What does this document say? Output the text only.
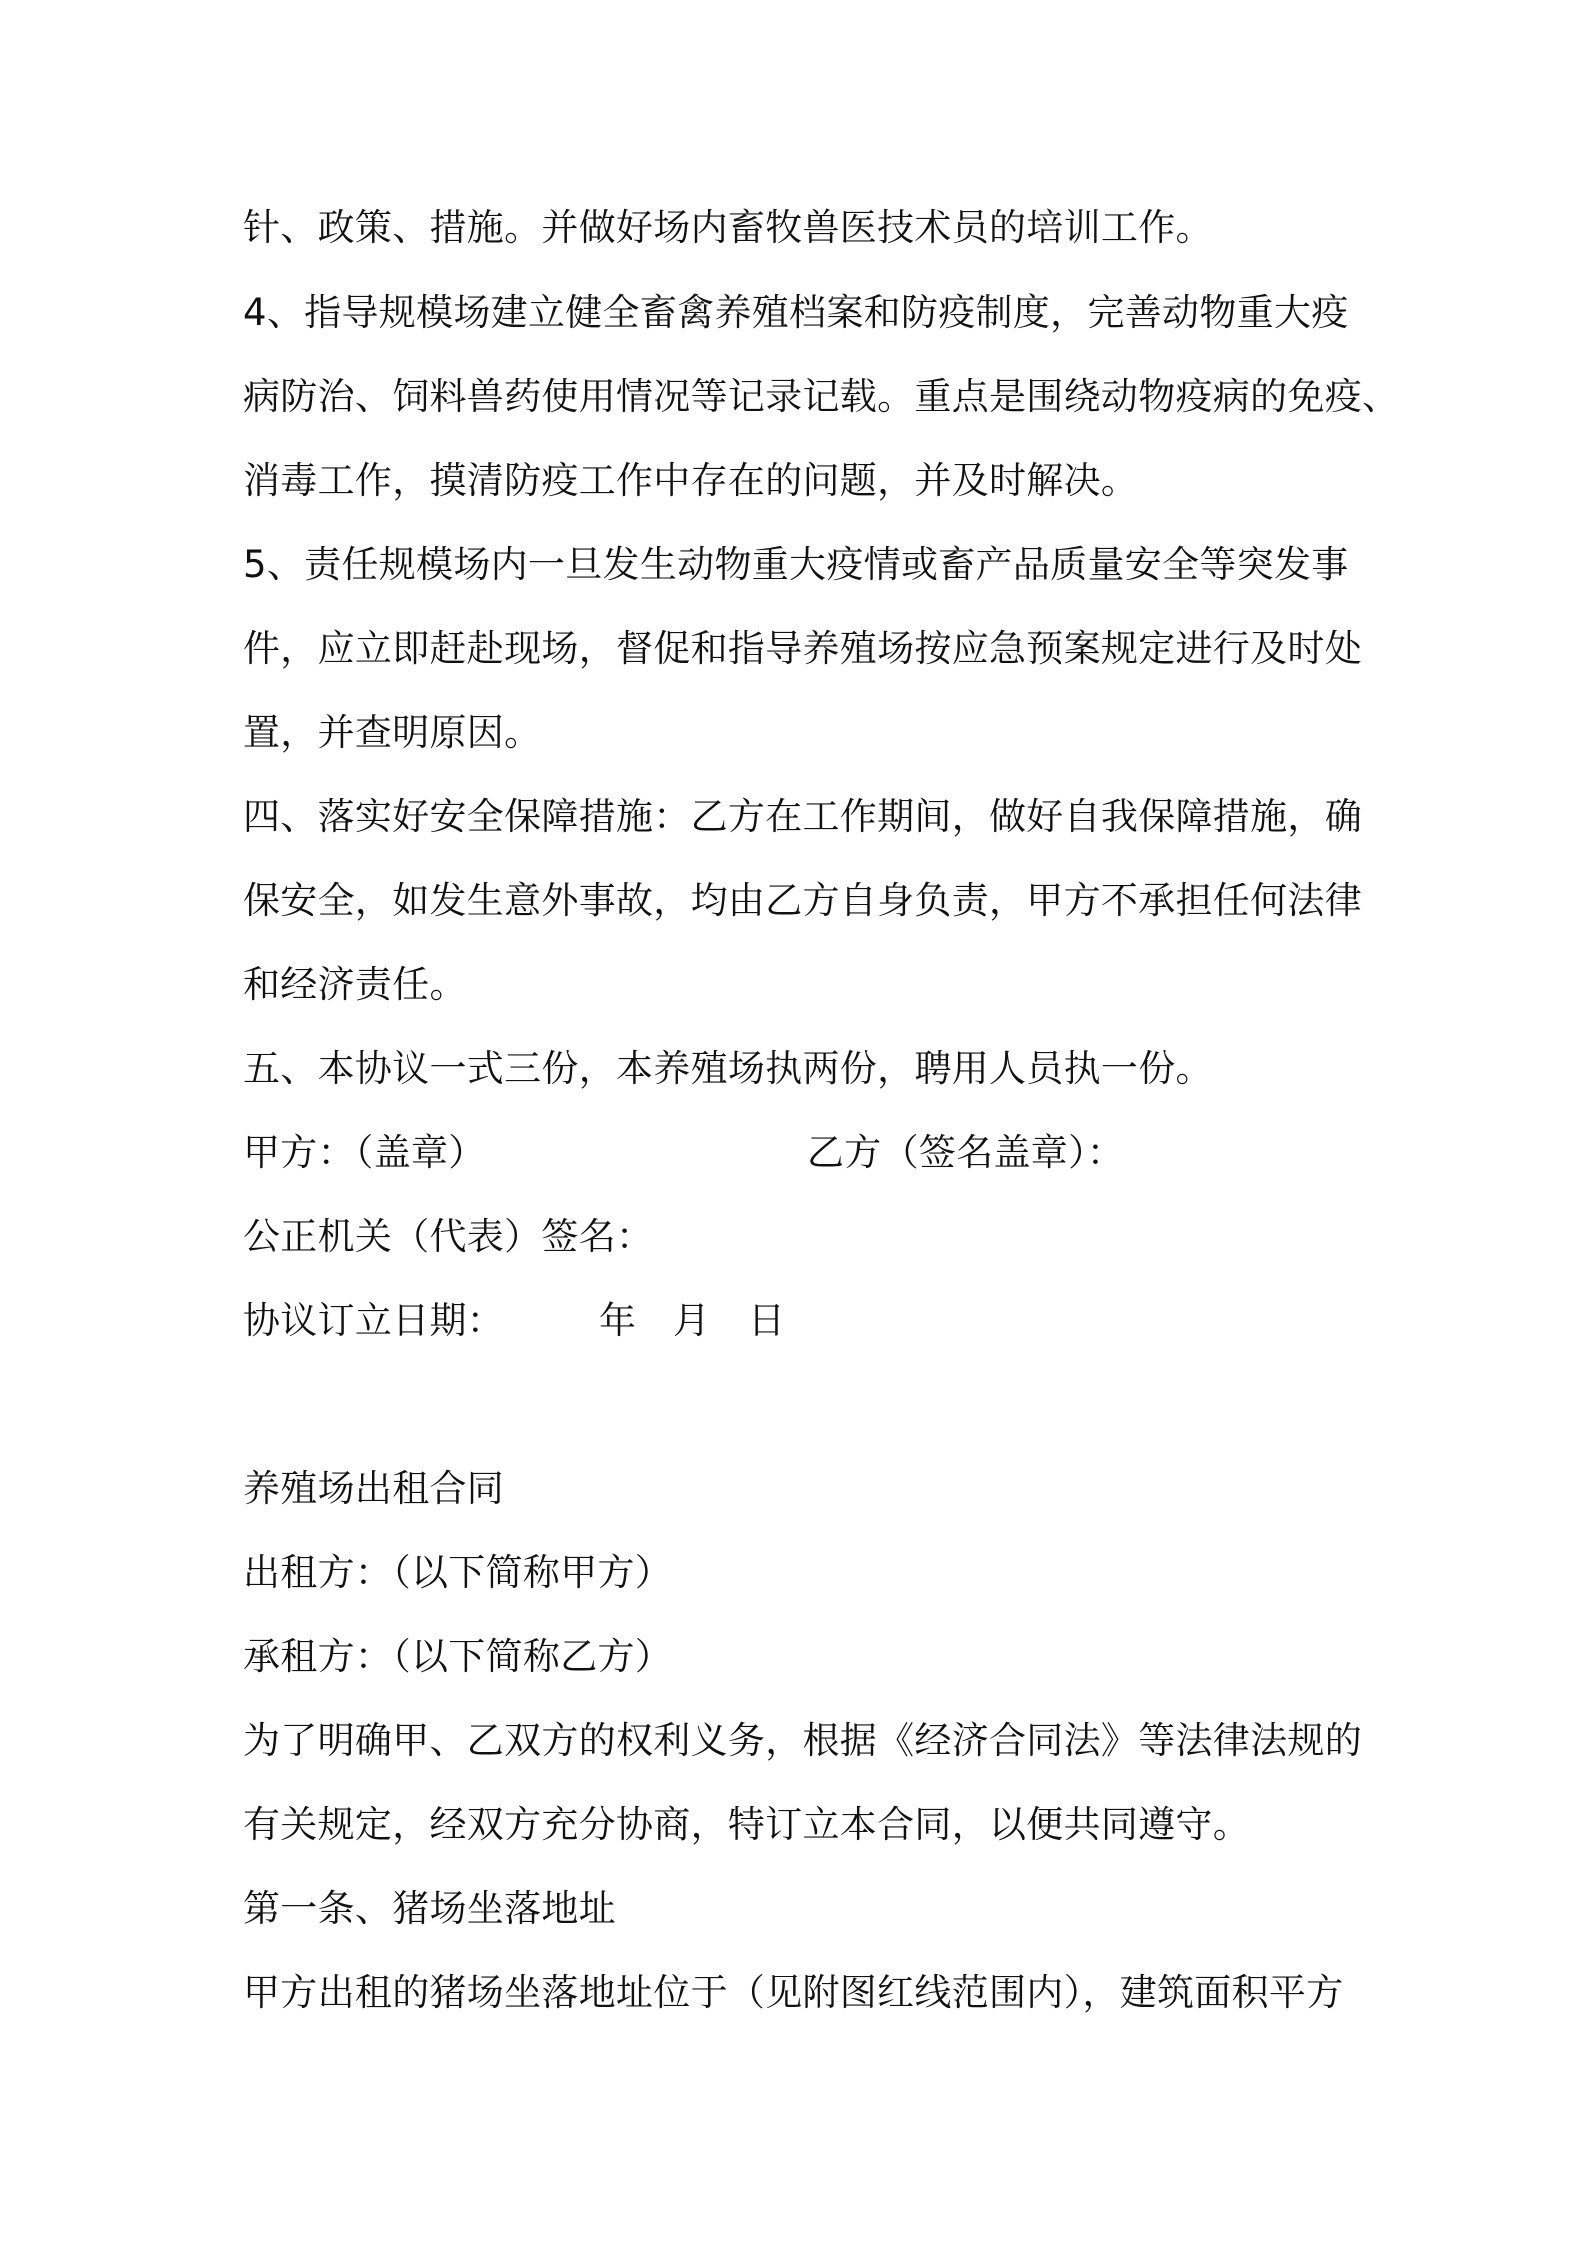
针、政策、措施。并做好场内畜牧兽医技术员的培训工作。
4、指导规模场建立健全畜禽养殖档案和防疫制度，完善动物重大疫
病防治、饲料兽药使用情况等记录记载。重点是围绕动物疫病的免疫、
消毒工作，摸清防疫工作中存在的问题，并及时解决。
5、责任规模场内一旦发生动物重大疫情或畜产品质量安全等突发事
件，应立即赶赴现场，督促和指导养殖场按应急预案规定进行及时处
置，并查明原因。
四、落实好安全保障措施：乙方在工作期间，做好自我保障措施，确
保安全，如发生意外事故，均由乙方自身负责，甲方不承担任何法律
和经济责任。
五、本协议一式三份，本养殖场执两份，聘用人员执一份。
甲方：（盖章）	乙方（签名盖章）：
公正机关（代表）签名：
协议订立日期：	年 月 日
养殖场出租合同
出租方：（以下简称甲方）
承租方：（以下简称乙方）
为了明确甲、乙双方的权利义务，根据《经济合同法》等法律法规的
有关规定，经双方充分协商，特订立本合同，以便共同遵守。
第一条、猪场坐落地址
甲方出租的猪场坐落地址位于（见附图红线范围内），建筑面积平方
